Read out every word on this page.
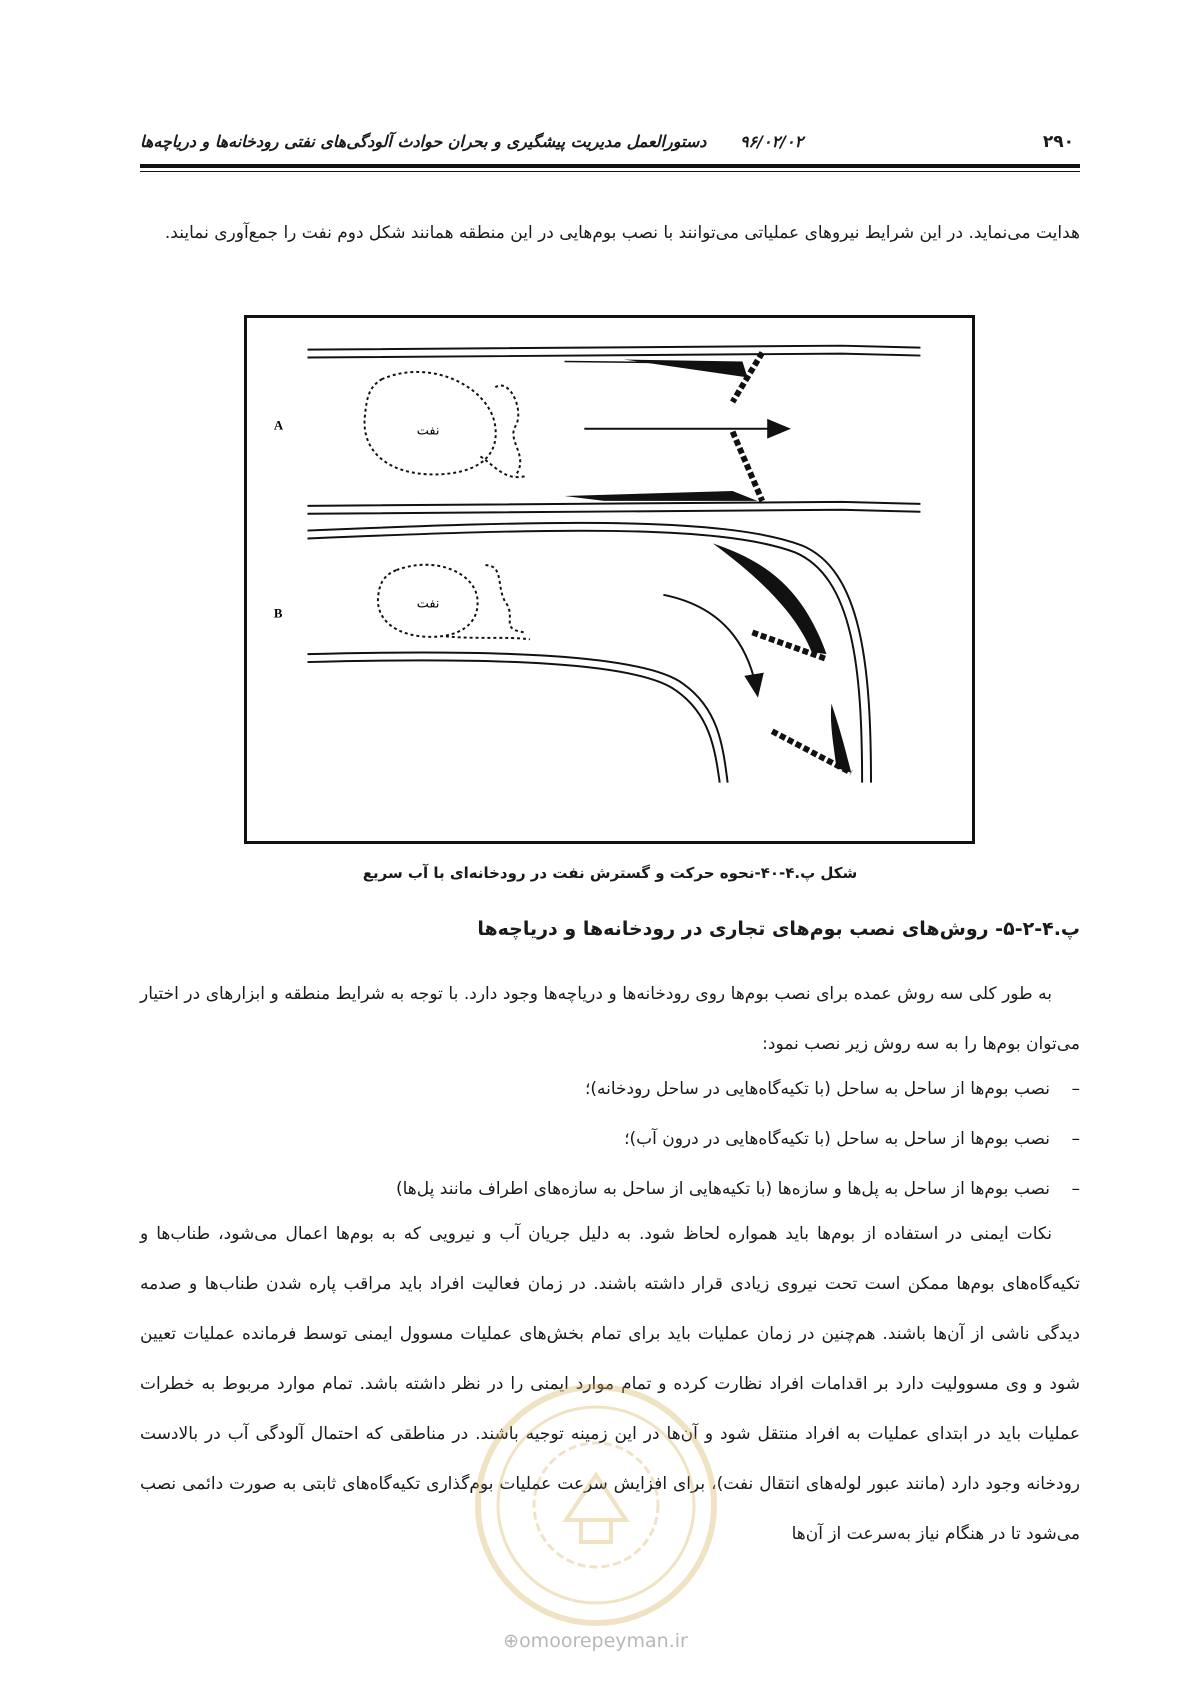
۲۹۰
۹۶/۰۲/۰۲ دستورالعمل مدیریت پیشگیری و بحران حوادث آلودگی‌های نفتی رودخانه‌ها و دریاچه‌ها

هدایت می‌نماید. در این شرایط نیروهای عملیاتی می‌توانند با نصب بوم‌هایی در این منطقه همانند شکل دوم نفت را جمع‌آوری نمایند.

A
B
نفت
نفت
شکل پ.۴-۴۰-نحوه حرکت و گسترش نفت در رودخانه‌ای با آب سریع
پ.۴-۲-۵- روش‌های نصب بوم‌های تجاری در رودخانه‌ها و دریاچه‌ها

به طور کلی سه روش عمده برای نصب بوم‌ها روی رودخانه‌ها و دریاچه‌ها وجود دارد. با توجه به شرایط منطقه و ابزارهای در اختیار می‌توان بوم‌ها را به سه روش زیر نصب نمود:

– نصب بوم‌ها از ساحل به ساحل (با تکیه‌گاه‌هایی در ساحل رودخانه)؛
– نصب بوم‌ها از ساحل به ساحل (با تکیه‌گاه‌هایی در درون آب)؛
– نصب بوم‌ها از ساحل به پل‌ها و سازه‌ها (با تکیه‌هایی از ساحل به سازه‌های اطراف مانند پل‌ها)

نکات ایمنی در استفاده از بوم‌ها باید همواره لحاظ شود. به دلیل جریان آب و نیرویی که به بوم‌ها اعمال می‌شود، طناب‌ها و تکیه‌گاه‌های بوم‌ها ممکن است تحت نیروی زیادی قرار داشته باشند. در زمان فعالیت افراد باید مراقب پاره شدن طناب‌ها و صدمه دیدگی ناشی از آن‌ها باشند. هم‌چنین در زمان عملیات باید برای تمام بخش‌های عملیات مسوول ایمنی توسط فرمانده عملیات تعیین شود و وی مسوولیت دارد بر اقدامات افراد نظارت کرده و تمام موارد ایمنی را در نظر داشته باشد. تمام موارد مربوط به خطرات عملیات باید در ابتدای عملیات به افراد منتقل شود و آن‌ها در این زمینه توجیه باشند. در مناطقی که احتمال آلودگی آب در بالادست رودخانه وجود دارد (مانند عبور لوله‌های انتقال نفت)، برای افزایش سرعت عملیات بوم‌گذاری تکیه‌گاه‌های ثابتی به صورت دائمی نصب می‌شود تا در هنگام نیاز به‌سرعت از آن‌ها

⊕omoorepeyman.ir
